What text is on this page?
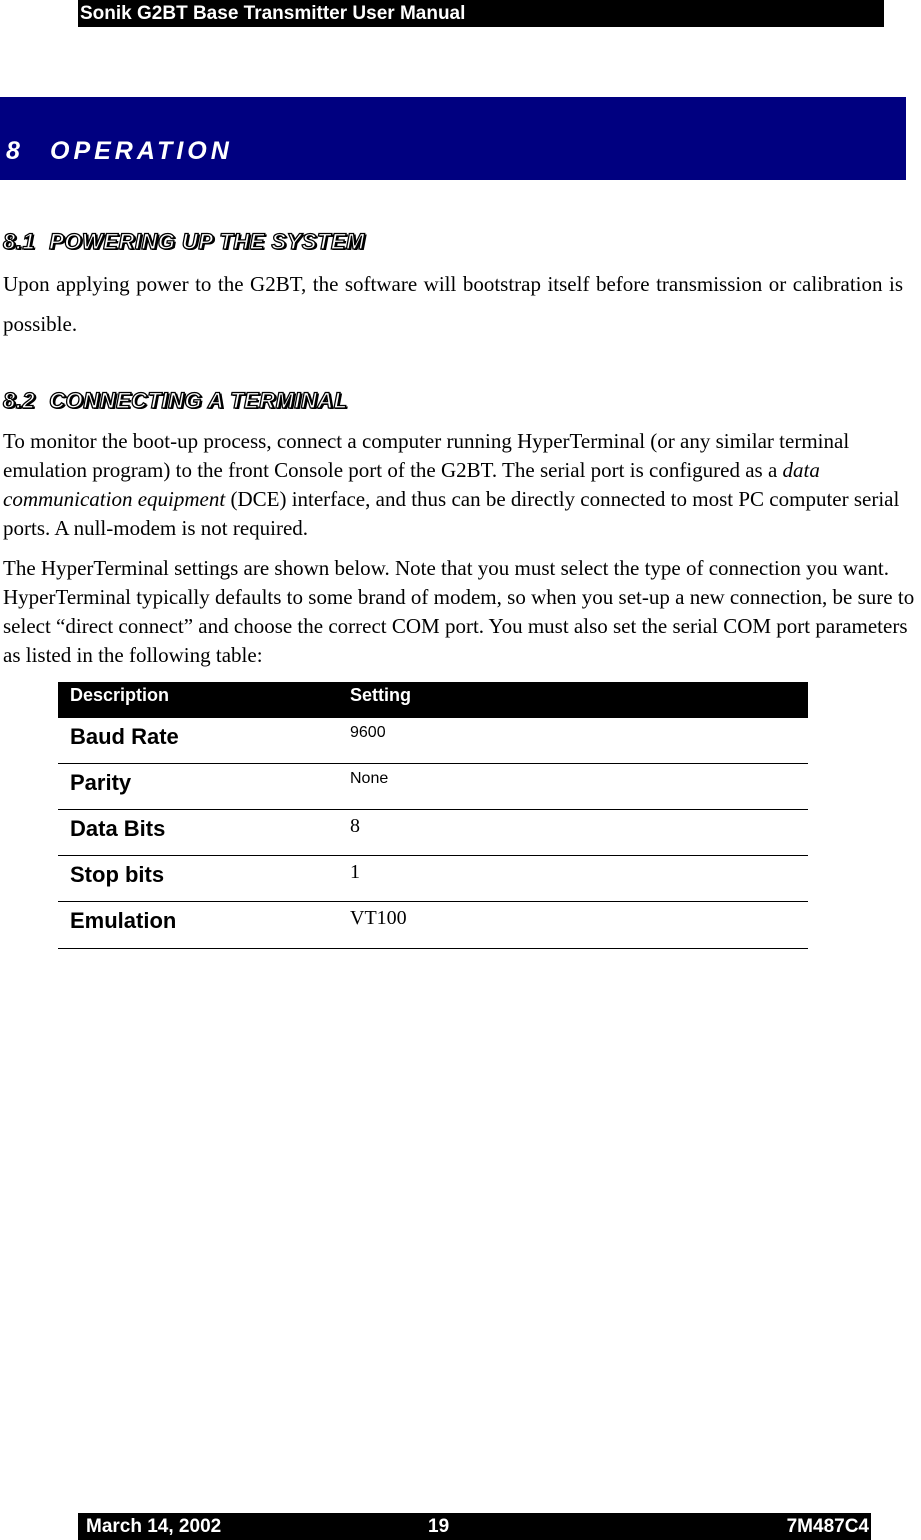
Sonik G2BT Base Transmitter User Manual
8 OPERATION
8.1 POWERING UP THE SYSTEM

Upon applying power to the G2BT, the software will bootstrap itself before transmission or calibration is possible.

8.2 CONNECTING A TERMINAL

To monitor the boot-up process, connect a computer running HyperTerminal (or any similar terminal emulation program) to the front Console port of the G2BT. The serial port is configured as a data communication equipment (DCE) interface, and thus can be directly connected to most PC computer serial ports. A null-modem is not required.

The HyperTerminal settings are shown below. Note that you must select the type of connection you want. HyperTerminal typically defaults to some brand of modem, so when you set-up a new connection, be sure to select “direct connect” and choose the correct COM port. You must also set the serial COM port parameters as listed in the following table:

Description	Setting
Baud Rate	9600
Parity	None
Data Bits	8
Stop bits	1
Emulation	VT100
March 14, 2002	19	7M487C4
